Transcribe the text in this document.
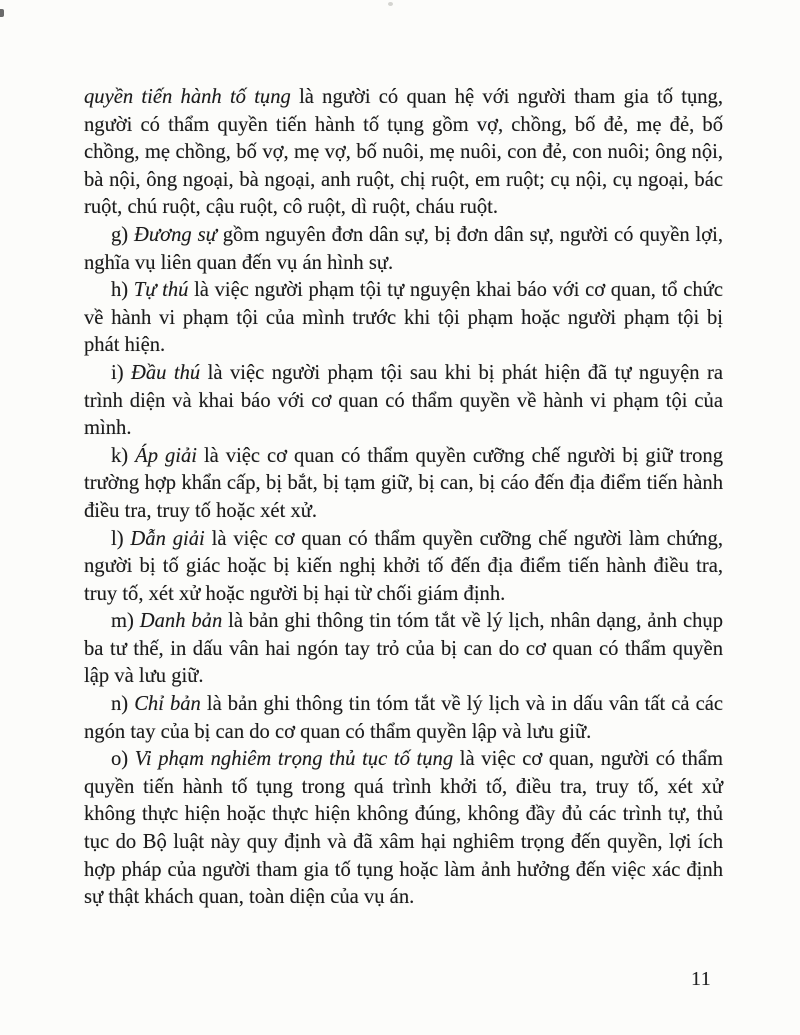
quyền tiến hành tố tụng là người có quan hệ với người tham gia tố tụng, người có thẩm quyền tiến hành tố tụng gồm vợ, chồng, bố đẻ, mẹ đẻ, bố chồng, mẹ chồng, bố vợ, mẹ vợ, bố nuôi, mẹ nuôi, con đẻ, con nuôi; ông nội, bà nội, ông ngoại, bà ngoại, anh ruột, chị ruột, em ruột; cụ nội, cụ ngoại, bác ruột, chú ruột, cậu ruột, cô ruột, dì ruột, cháu ruột.

g) Đương sự gồm nguyên đơn dân sự, bị đơn dân sự, người có quyền lợi, nghĩa vụ liên quan đến vụ án hình sự.

h) Tự thú là việc người phạm tội tự nguyện khai báo với cơ quan, tổ chức về hành vi phạm tội của mình trước khi tội phạm hoặc người phạm tội bị phát hiện.

i) Đầu thú là việc người phạm tội sau khi bị phát hiện đã tự nguyện ra trình diện và khai báo với cơ quan có thẩm quyền về hành vi phạm tội của mình.

k) Áp giải là việc cơ quan có thẩm quyền cưỡng chế người bị giữ trong trường hợp khẩn cấp, bị bắt, bị tạm giữ, bị can, bị cáo đến địa điểm tiến hành điều tra, truy tố hoặc xét xử.

l) Dẫn giải là việc cơ quan có thẩm quyền cưỡng chế người làm chứng, người bị tố giác hoặc bị kiến nghị khởi tố đến địa điểm tiến hành điều tra, truy tố, xét xử hoặc người bị hại từ chối giám định.

m) Danh bản là bản ghi thông tin tóm tắt về lý lịch, nhân dạng, ảnh chụp ba tư thế, in dấu vân hai ngón tay trỏ của bị can do cơ quan có thẩm quyền lập và lưu giữ.

n) Chỉ bản là bản ghi thông tin tóm tắt về lý lịch và in dấu vân tất cả các ngón tay của bị can do cơ quan có thẩm quyền lập và lưu giữ.

o) Vi phạm nghiêm trọng thủ tục tố tụng là việc cơ quan, người có thẩm quyền tiến hành tố tụng trong quá trình khởi tố, điều tra, truy tố, xét xử không thực hiện hoặc thực hiện không đúng, không đầy đủ các trình tự, thủ tục do Bộ luật này quy định và đã xâm hại nghiêm trọng đến quyền, lợi ích hợp pháp của người tham gia tố tụng hoặc làm ảnh hưởng đến việc xác định sự thật khách quan, toàn diện của vụ án.

11
